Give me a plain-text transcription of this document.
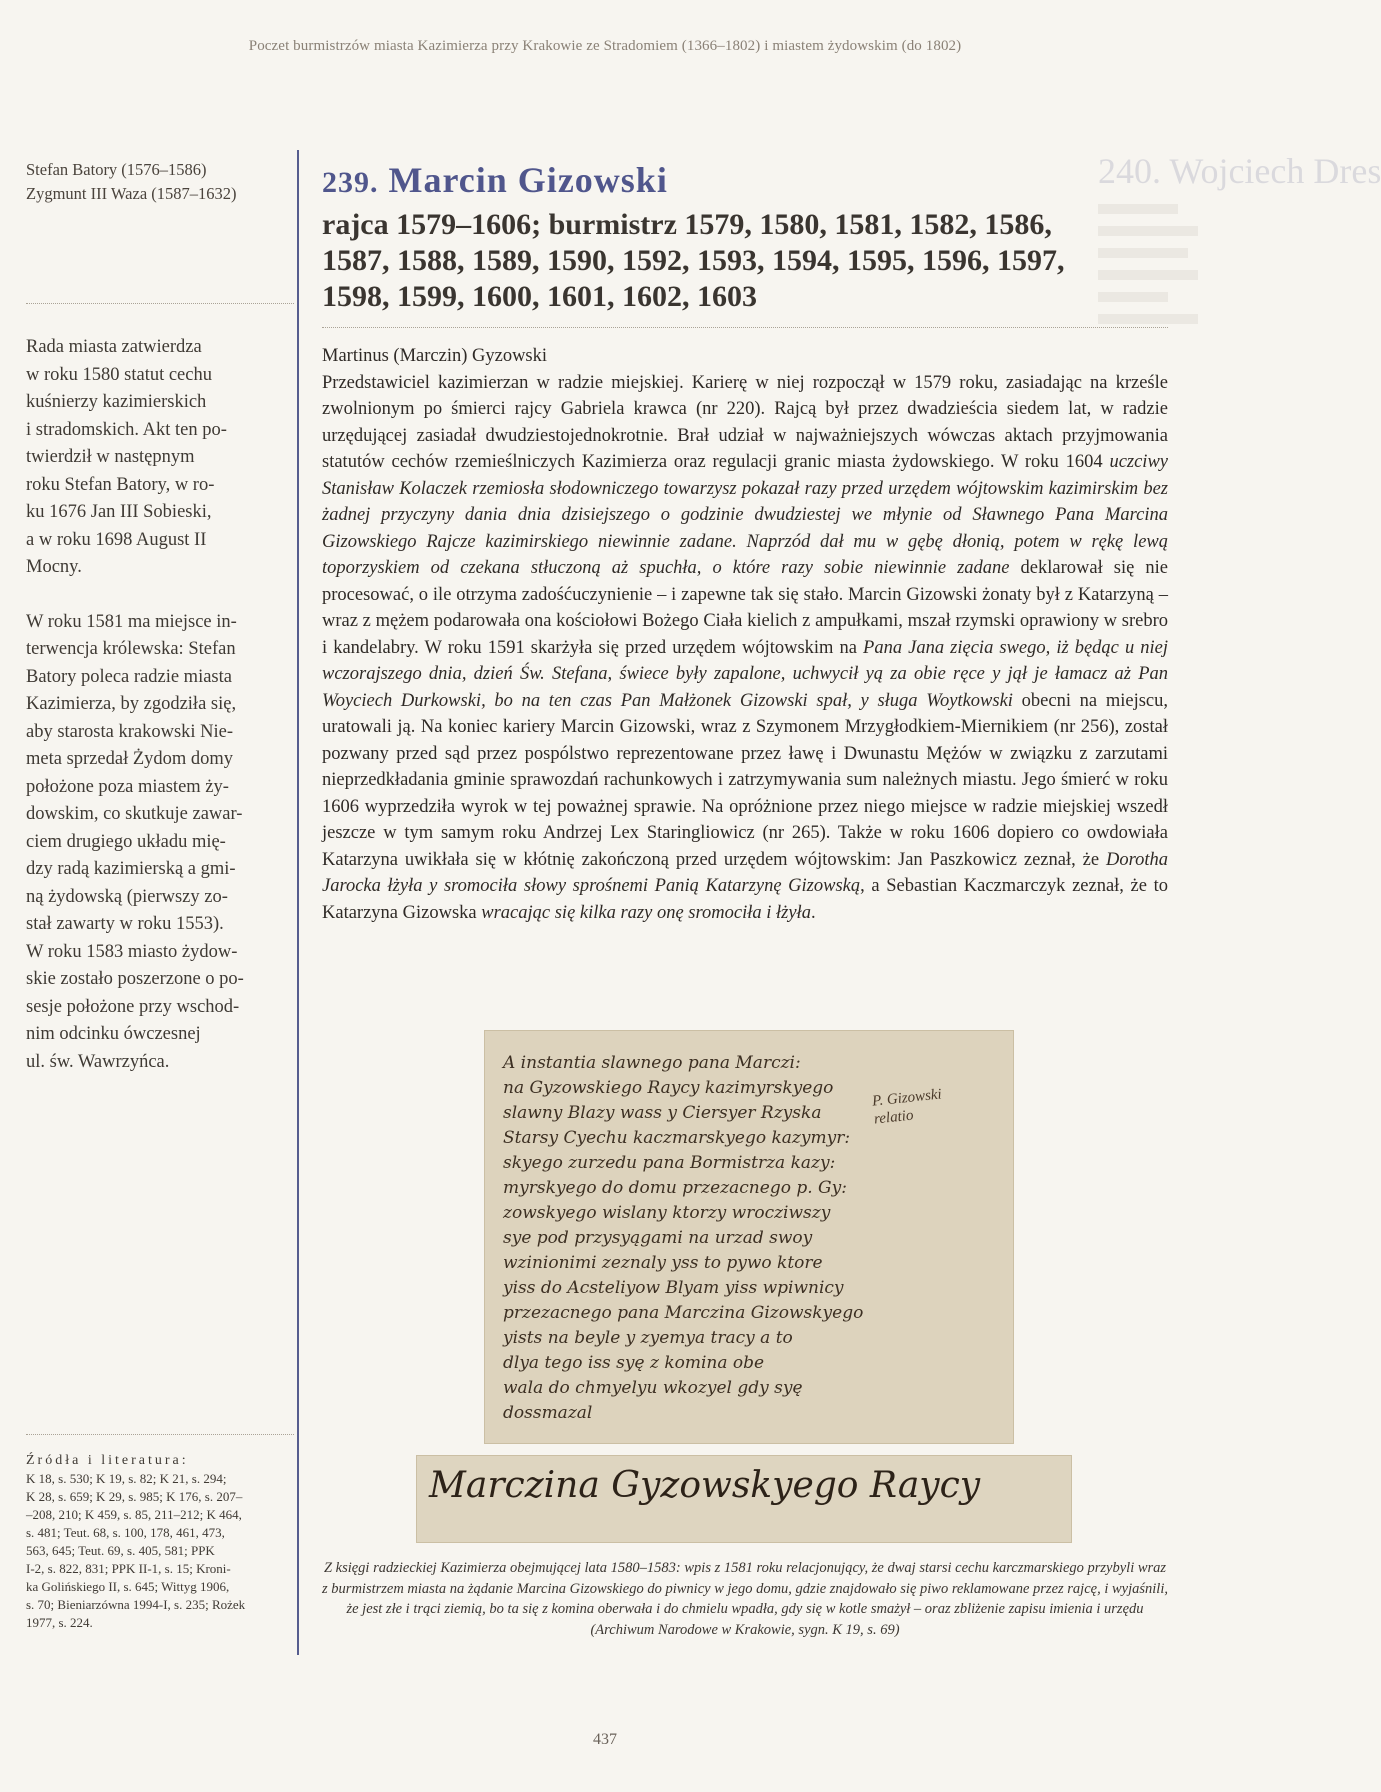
Poczet burmistrzów miasta Kazimierza przy Krakowie ze Stradomiem (1366–1802) i miastem żydowskim (do 1802)
240. Wojciech Dres
Stefan Batory (1576–1586)
Zygmunt III Waza (1587–1632)
Rada miasta zatwierdza
w roku 1580 statut cechu
kuśnierzy kazimierskich
i stradomskich. Akt ten po-
twierdził w następnym
roku Stefan Batory, w ro-
ku 1676 Jan III Sobieski,
a w roku 1698 August II
Mocny.
W roku 1581 ma miejsce in-
terwencja królewska: Stefan
Batory poleca radzie miasta
Kazimierza, by zgodziła się,
aby starosta krakowski Nie-
meta sprzedał Żydom domy
położone poza miastem ży-
dowskim, co skutkuje zawar-
ciem drugiego układu mię-
dzy radą kazimierską a gmi-
ną żydowską (pierwszy zo-
stał zawarty w roku 1553).
W roku 1583 miasto żydow-
skie zostało poszerzone o po-
sesje położone przy wschod-
nim odcinku ówczesnej
ul. św. Wawrzyńca.
Źródła i literatura:
K 18, s. 530; K 19, s. 82; K 21, s. 294;
K 28, s. 659; K 29, s. 985; K 176, s. 207–
–208, 210; K 459, s. 85, 211–212; K 464,
s. 481; Teut. 68, s. 100, 178, 461, 473,
563, 645; Teut. 69, s. 405, 581; PPK
I-2, s. 822, 831; PPK II-1, s. 15; Kroni-
ka Golińskiego II, s. 645; Wittyg 1906,
s. 70; Bieniarzówna 1994-I, s. 235; Rożek
1977, s. 224.
239. Marcin Gizowski
rajca 1579–1606; burmistrz 1579, 1580, 1581, 1582, 1586,
1587, 1588, 1589, 1590, 1592, 1593, 1594, 1595, 1596, 1597,
1598, 1599, 1600, 1601, 1602, 1603
Martinus (Marczin) Gyzowski
Przedstawiciel kazimierzan w radzie miejskiej. Karierę w niej rozpoczął w 1579 roku, zasiadając na krześle zwolnionym po śmierci rajcy Gabriela krawca (nr 220). Rajcą był przez dwadzieścia siedem lat, w radzie urzędującej zasiadał dwudziestojednokrotnie. Brał udział w najważniejszych wówczas aktach przyjmowania statutów cechów rzemieślniczych Kazimierza oraz regulacji granic miasta żydowskiego. W roku 1604 uczciwy Stanisław Kolaczek rzemiosła słodowniczego towarzysz pokazał razy przed urzędem wójtowskim kazimirskim bez żadnej przyczyny dania dnia dzisiejszego o godzinie dwudziestej we młynie od Sławnego Pana Marcina Gizowskiego Rajcze kazimirskiego niewinnie zadane. Naprzód dał mu w gębę dłonią, potem w rękę lewą toporzyskiem od czekana stłuczoną aż spuchła, o które razy sobie niewinnie zadane deklarował się nie procesować, o ile otrzyma zadośćuczynienie – i zapewne tak się stało. Marcin Gizowski żonaty był z Katarzyną – wraz z mężem podarowała ona kościołowi Bożego Ciała kielich z ampułkami, mszał rzymski oprawiony w srebro i kandelabry. W roku 1591 skarżyła się przed urzędem wójtowskim na Pana Jana zięcia swego, iż będąc u niej wczorajszego dnia, dzień Św. Stefana, świece były zapalone, uchwycił yą za obie ręce y jął je łamacz aż Pan Woyciech Durkowski, bo na ten czas Pan Małżonek Gizowski spał, y sługa Woytkowski obecni na miejscu, uratowali ją. Na koniec kariery Marcin Gizowski, wraz z Szymonem Mrzygłodkiem-Miernikiem (nr 256), został pozwany przed sąd przez pospólstwo reprezentowane przez ławę i Dwunastu Mężów w związku z zarzutami nieprzedkładania gminie sprawozdań rachunkowych i zatrzymywania sum należnych miastu. Jego śmierć w roku 1606 wyprzedziła wyrok w tej poważnej sprawie. Na opróżnione przez niego miejsce w radzie miejskiej wszedł jeszcze w tym samym roku Andrzej Lex Staringliowicz (nr 265). Także w roku 1606 dopiero co owdowiała Katarzyna uwikłała się w kłótnię zakończoną przed urzędem wójtowskim: Jan Paszkowicz zeznał, że Dorotha Jarocka łżyła y sromociła słowy sprośnemi Panią Katarzynę Gizowską, a Sebastian Kaczmarczyk zeznał, że to Katarzyna Gizowska wracając się kilka razy onę sromociła i łżyła.
A instantia slawnego pana Marczi:
na Gyzowskiego Raycy kazimyrskyego
slawny Blazy wass y Ciersyer Rzyska
Starsy Cyechu kaczmarskyego kazymyr:
skyego zurzedu pana Bormistrza kazy:
myrskyego do domu przezacnego p. Gy:
zowskyego wislany ktorzy wrocziwszy
sye pod przysyągami na urzad swoy
wzinionimi zeznaly yss to pywo ktore
yiss do Acsteliyow Blyam yiss wpiwnicy
przezacnego pana Marczina Gizowskyego
yists na beyle y zyemya tracy a to
dlya tego iss syę z komina obe
wala do chmyelyu wkozyel gdy syę
dossmazal
P. Gizowski
relatio
Marczina Gyzowskyego Raycy
Z księgi radzieckiej Kazimierza obejmującej lata 1580–1583: wpis z 1581 roku relacjonujący, że dwaj starsi cechu karczmarskiego przybyli wraz z burmistrzem miasta na żądanie Marcina Gizowskiego do piwnicy w jego domu, gdzie znajdowało się piwo reklamowane przez rajcę, i wyjaśnili, że jest złe i trąci ziemią, bo ta się z komina oberwała i do chmielu wpadła, gdy się w kotle smażył – oraz zbliżenie zapisu imienia i urzędu (Archiwum Narodowe w Krakowie, sygn. K 19, s. 69)
437
